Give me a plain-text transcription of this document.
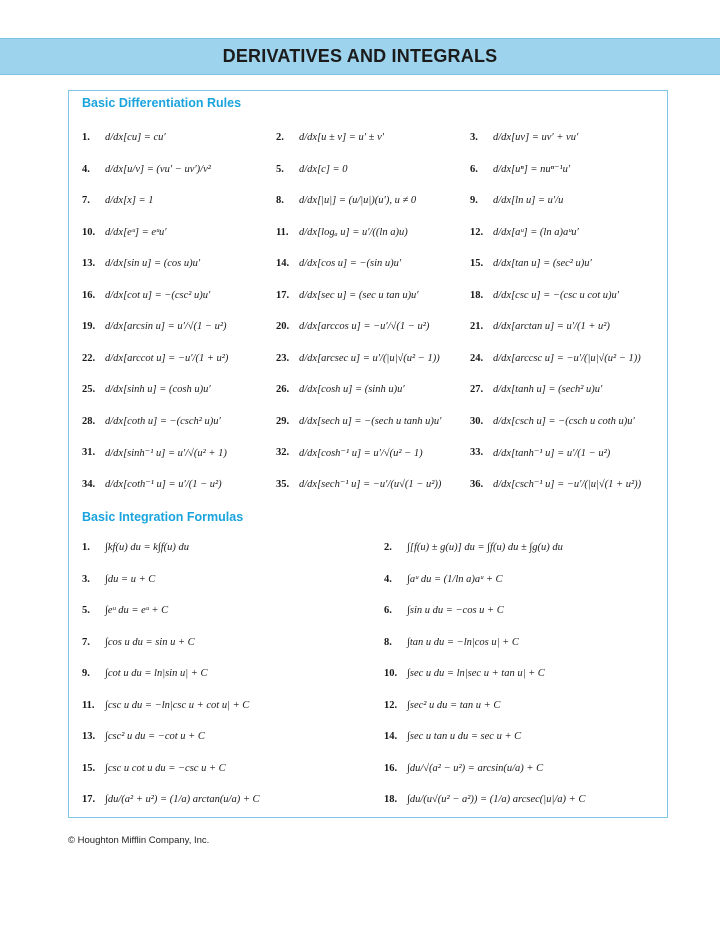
DERIVATIVES AND INTEGRALS
Basic Differentiation Rules
1.	d/dx[cu] = cu′	2.	d/dx[u ± v] = u′ ± v′	3.	d/dx[uv] = uv′ + vu′
4.	d/dx[u/v] = (vu′ − uv′)/v²	5.	d/dx[c] = 0	6.	d/dx[uⁿ] = nuⁿ⁻¹u′
7.	d/dx[x] = 1	8.	d/dx[|u|] = (u/|u|)(u′), u ≠ 0	9.	d/dx[ln u] = u′/u
10. d/dx[eᵘ] = eᵘu′	11. d/dx[logₐ u] = u′/((ln a)u)	12. d/dx[aᵘ] = (ln a)aᵘu′
13. d/dx[sin u] = (cos u)u′	14. d/dx[cos u] = −(sin u)u′	15. d/dx[tan u] = (sec² u)u′
16. d/dx[cot u] = −(csc² u)u′	17. d/dx[sec u] = (sec u tan u)u′	18. d/dx[csc u] = −(csc u cot u)u′
19. d/dx[arcsin u] = u′/√(1 − u²)	20. d/dx[arccos u] = −u′/√(1 − u²)	21. d/dx[arctan u] = u′/(1 + u²)
22. d/dx[arccot u] = −u′/(1 + u²)	23. d/dx[arcsec u] = u′/(|u|√(u² − 1))	24. d/dx[arccsc u] = −u′/(|u|√(u² − 1))
25. d/dx[sinh u] = (cosh u)u′	26. d/dx[cosh u] = (sinh u)u′	27. d/dx[tanh u] = (sech² u)u′
28. d/dx[coth u] = −(csch² u)u′	29. d/dx[sech u] = −(sech u tanh u)u′	30. d/dx[csch u] = −(csch u coth u)u′
31. d/dx[sinh⁻¹ u] = u′/√(u² + 1)	32. d/dx[cosh⁻¹ u] = u′/√(u² − 1)	33. d/dx[tanh⁻¹ u] = u′/(1 − u²)
34. d/dx[coth⁻¹ u] = u′/(1 − u²)	35. d/dx[sech⁻¹ u] = −u′/(u√(1 − u²))	36. d/dx[csch⁻¹ u] = −u′/(|u|√(1 + u²))
Basic Integration Formulas
1.	∫kf(u) du = k∫f(u) du	2.	∫[f(u) ± g(u)] du = ∫f(u) du ± ∫g(u) du
3.	∫du = u + C	4.	∫aᵘ du = (1/ln a)aᵘ + C
5.	∫eᵘ du = eᵘ + C	6.	∫sin u du = −cos u + C
7.	∫cos u du = sin u + C	8.	∫tan u du = −ln|cos u| + C
9.	∫cot u du = ln|sin u| + C	10. ∫sec u du = ln|sec u + tan u| + C
11. ∫csc u du = −ln|csc u + cot u| + C	12. ∫sec² u du = tan u + C
13. ∫csc² u du = −cot u + C	14. ∫sec u tan u du = sec u + C
15. ∫csc u cot u du = −csc u + C	16. ∫du/√(a² − u²) = arcsin(u/a) + C
17. ∫du/(a² + u²) = (1/a) arctan(u/a) + C	18. ∫du/(u√(u² − a²)) = (1/a) arcsec(|u|/a) + C
© Houghton Mifflin Company, Inc.
